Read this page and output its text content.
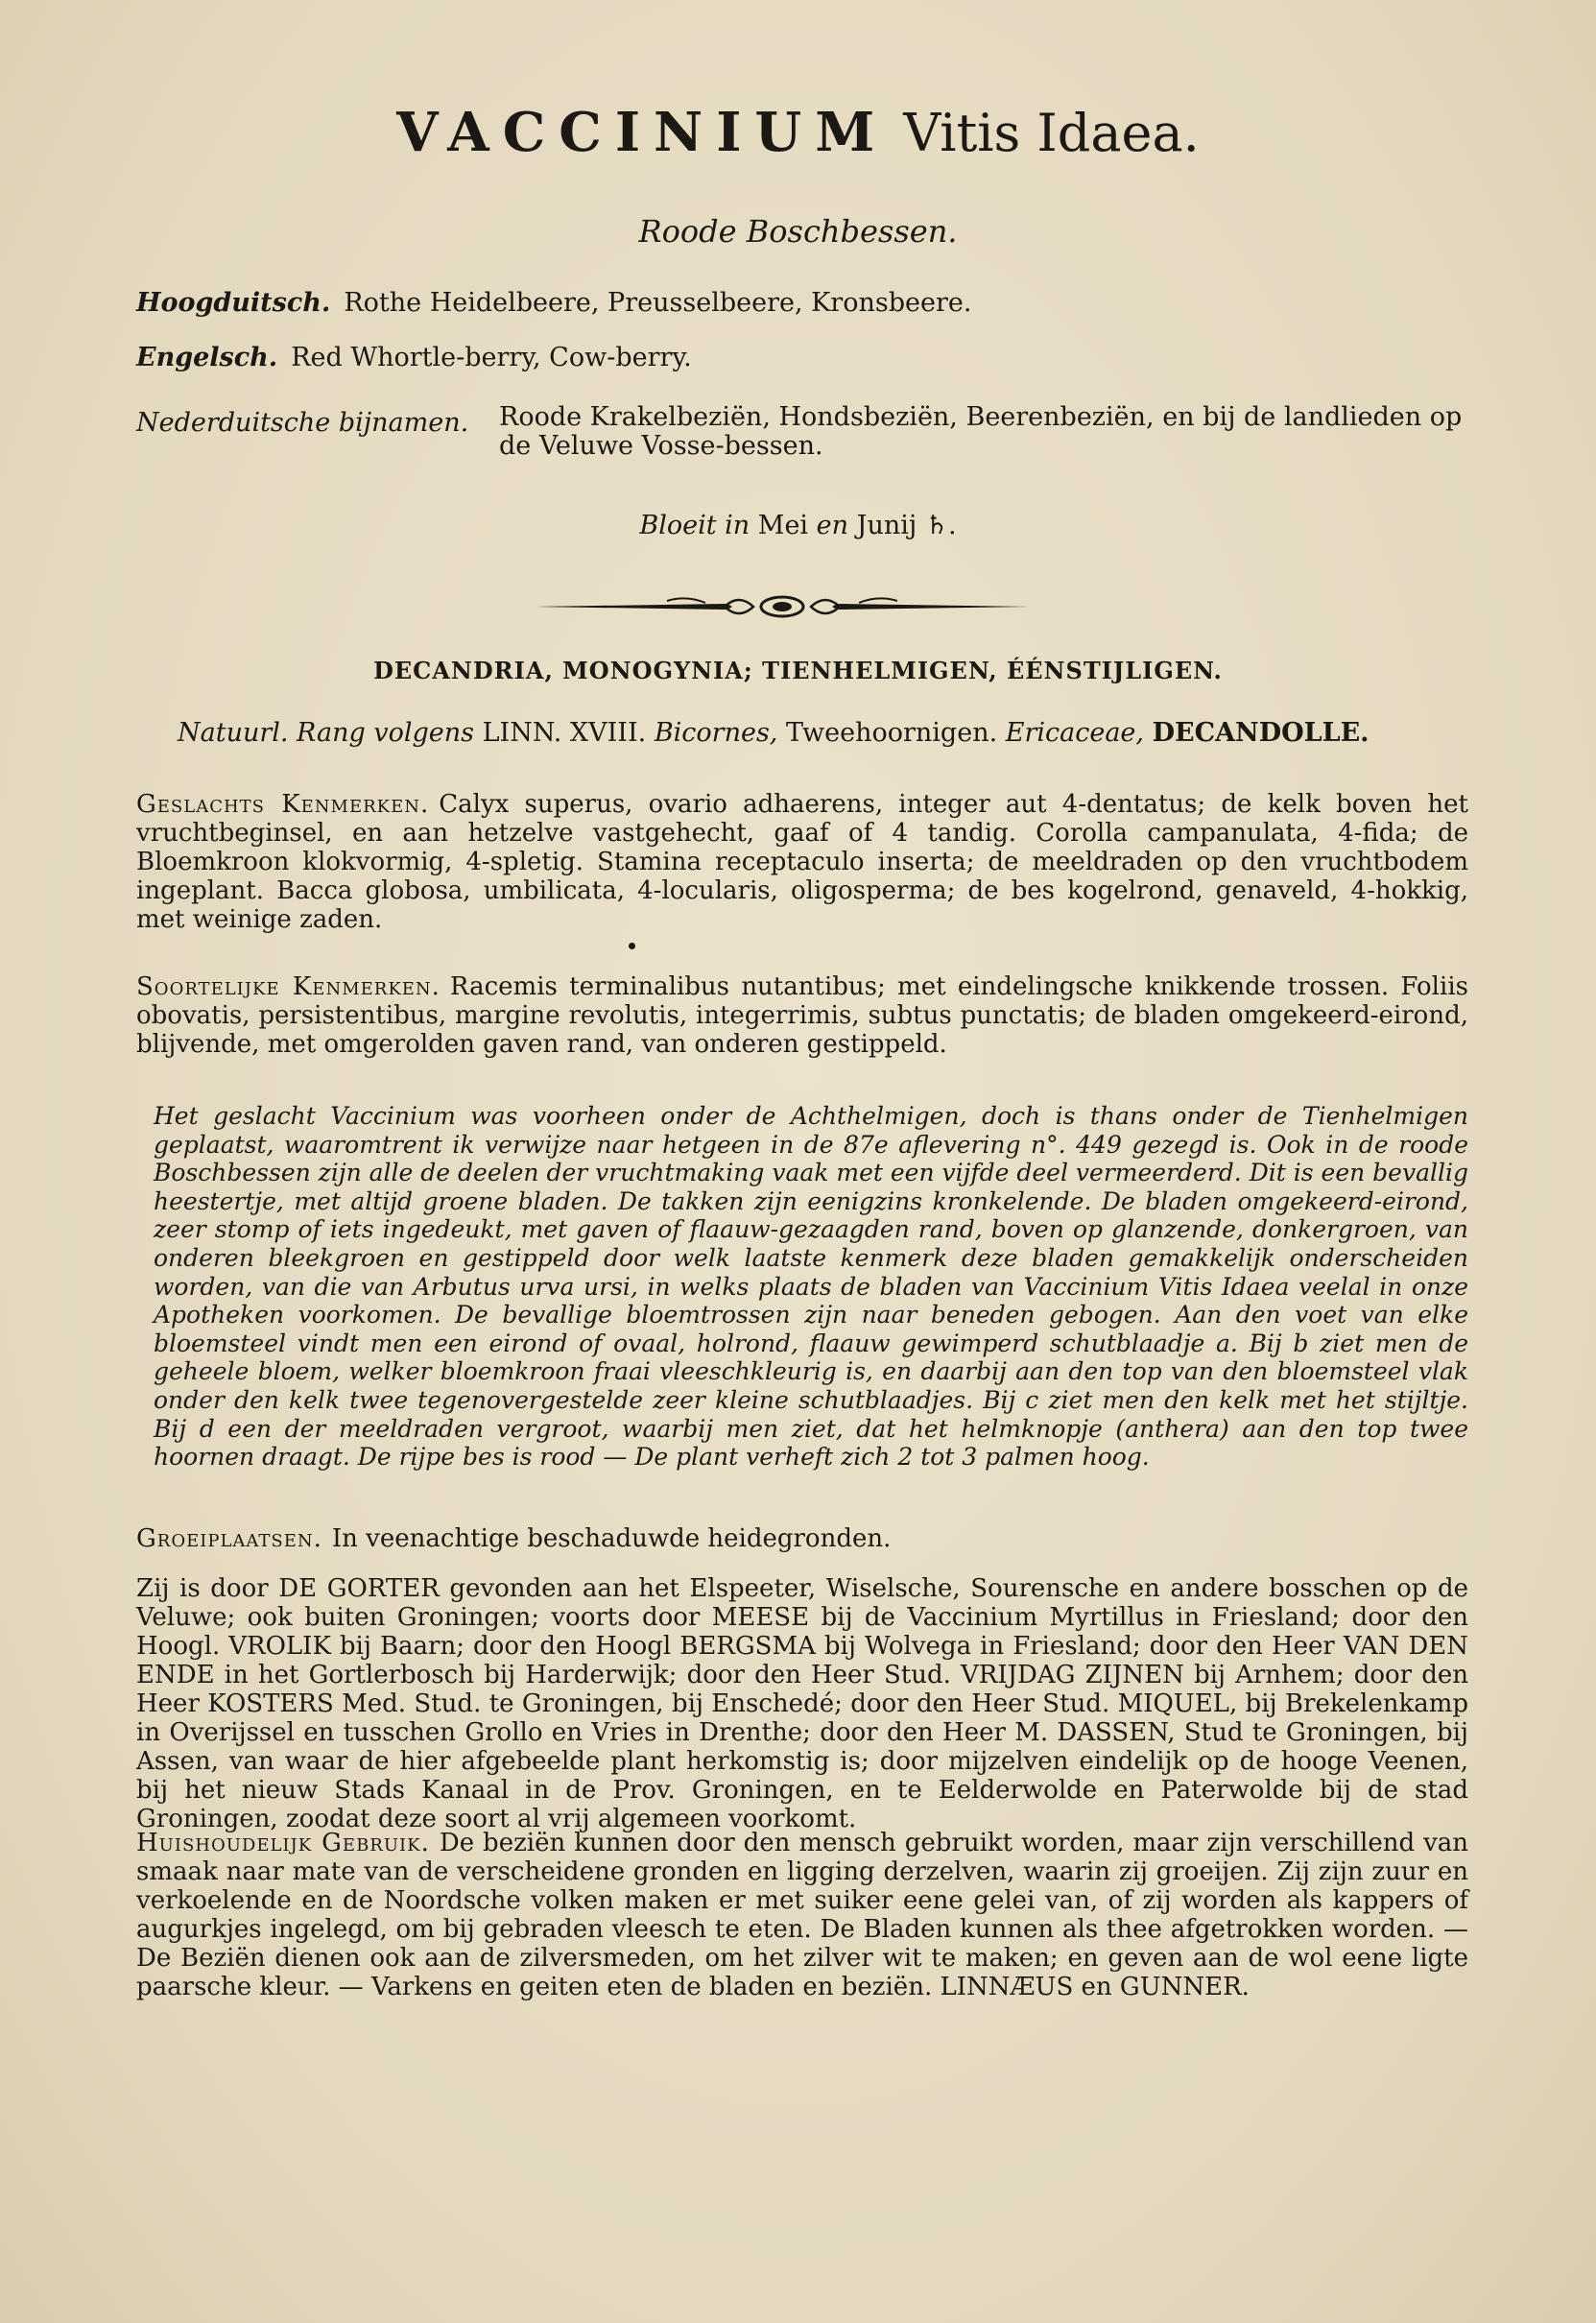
VACCINIUM Vitis Idaea.
Roode Boschbessen.
Hoogduitsch. Rothe Heidelbeere, Preusselbeere, Kronsbeere.
Engelsch. Red Whortle-berry, Cow-berry.
Nederduitsche bijnamen. Roode Krakelbeziën, Hondsbeziën, Beerenbeziën, en bij de landlieden op de Veluwe Vosse-bessen.
Bloeit in Mei en Junij ♄.
DECANDRIA, MONOGYNIA; TIENHELMIGEN, ÉÉNSTIJLIGEN.
Natuurl. Rang volgens LINN. XVIII. Bicornes, Tweehoornigen. Ericaceae, DECANDOLLE.
Geslachts Kenmerken. Calyx superus, ovario adhaerens, integer aut 4-dentatus; de kelk boven het vruchtbeginsel, en aan hetzelve vastgehecht, gaaf of 4 tandig. Corolla campanulata, 4-fida; de Bloemkroon klokvormig, 4-spletig. Stamina receptaculo inserta; de meeldraden op den vruchtbodem ingeplant. Bacca globosa, umbilicata, 4-locularis, oligosperma; de bes kogelrond, genaveld, 4-hokkig, met weinige zaden.
Soortelijke Kenmerken. Racemis terminalibus nutantibus; met eindelingsche knikkende trossen. Foliis obovatis, persistentibus, margine revolutis, integerrimis, subtus punctatis; de bladen omgekeerd-eirond, blijvende, met omgerolden gaven rand, van onderen gestippeld.
Het geslacht Vaccinium was voorheen onder de Achthelmigen, doch is thans onder de Tienhelmigen geplaatst, waaromtrent ik verwijze naar hetgeen in de 87e aflevering n°. 449 gezegd is. Ook in de roode Boschbessen zijn alle de deelen der vruchtmaking vaak met een vijfde deel vermeerderd. Dit is een bevallig heestertje, met altijd groene bladen. De takken zijn eenigzins kronkelende. De bladen omgekeerd-eirond, zeer stomp of iets ingedeukt, met gaven of flaauw-gezaagden rand, boven op glanzende, donkergroen, van onderen bleekgroen en gestippeld door welk laatste kenmerk deze bladen gemakkelijk onderscheiden worden, van die van Arbutus urva ursi, in welks plaats de bladen van Vaccinium Vitis Idaea veelal in onze Apotheken voorkomen. De bevallige bloemtrossen zijn naar beneden gebogen. Aan den voet van elke bloemsteel vindt men een eirond of ovaal, holrond, flaauw gewimperd schutblaadje a. Bij b ziet men de geheele bloem, welker bloemkroon fraai vleeschkleurig is, en daarbij aan den top van den bloemsteel vlak onder den kelk twee tegenovergestelde zeer kleine schutblaadjes. Bij c ziet men den kelk met het stijltje. Bij d een der meeldraden vergroot, waarbij men ziet, dat het helmknopje (anthera) aan den top twee hoornen draagt. De rijpe bes is rood — De plant verheft zich 2 tot 3 palmen hoog.
Groeiplaatsen. In veenachtige beschaduwde heidegronden.
Zij is door DE GORTER gevonden aan het Elspeeter, Wiselsche, Sourensche en andere bosschen op de Veluwe; ook buiten Groningen; voorts door MEESE bij de Vaccinium Myrtillus in Friesland; door den Hoogl. VROLIK bij Baarn; door den Hoogl BERGSMA bij Wolvega in Friesland; door den Heer VAN DEN ENDE in het Gortlerbosch bij Harderwijk; door den Heer Stud. VRIJDAG ZIJNEN bij Arnhem; door den Heer KOSTERS Med. Stud. te Groningen, bij Enschedé; door den Heer Stud. MIQUEL, bij Brekelenkamp in Overijssel en tusschen Grollo en Vries in Drenthe; door den Heer M. DASSEN, Stud te Groningen, bij Assen, van waar de hier afgebeelde plant herkomstig is; door mijzelven eindelijk op de hooge Veenen, bij het nieuw Stads Kanaal in de Prov. Groningen, en te Eelderwolde en Paterwolde bij de stad Groningen, zoodat deze soort al vrij algemeen voorkomt.
Huishoudelijk Gebruik. De beziën kunnen door den mensch gebruikt worden, maar zijn verschillend van smaak naar mate van de verscheidene gronden en ligging derzelven, waarin zij groeijen. Zij zijn zuur en verkoelende en de Noordsche volken maken er met suiker eene gelei van, of zij worden als kappers of augurkjes ingelegd, om bij gebraden vleesch te eten. De Bladen kunnen als thee afgetrokken worden. — De Beziën dienen ook aan de zilversmeden, om het zilver wit te maken; en geven aan de wol eene ligte paarsche kleur. — Varkens en geiten eten de bladen en beziën. LINNÆUS en GUNNER.
